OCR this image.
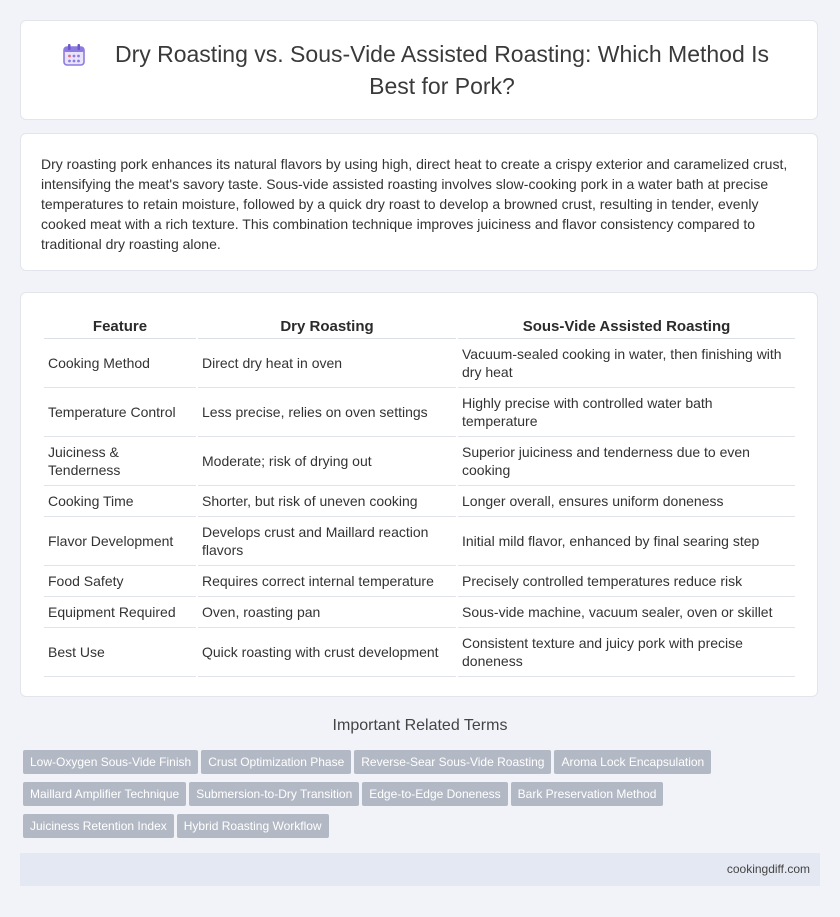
Dry Roasting vs. Sous-Vide Assisted Roasting: Which Method Is Best for Pork?

Dry roasting pork enhances its natural flavors by using high, direct heat to create a crispy exterior and caramelized crust, intensifying the meat's savory taste. Sous-vide assisted roasting involves slow-cooking pork in a water bath at precise temperatures to retain moisture, followed by a quick dry roast to develop a browned crust, resulting in tender, evenly cooked meat with a rich texture. This combination technique improves juiciness and flavor consistency compared to traditional dry roasting alone.

Feature	Dry Roasting	Sous-Vide Assisted Roasting
Cooking Method	Direct dry heat in oven	Vacuum-sealed cooking in water, then finishing with dry heat
Temperature Control	Less precise, relies on oven settings	Highly precise with controlled water bath temperature
Juiciness & Tenderness	Moderate; risk of drying out	Superior juiciness and tenderness due to even cooking
Cooking Time	Shorter, but risk of uneven cooking	Longer overall, ensures uniform doneness
Flavor Development	Develops crust and Maillard reaction flavors	Initial mild flavor, enhanced by final searing step
Food Safety	Requires correct internal temperature	Precisely controlled temperatures reduce risk
Equipment Required	Oven, roasting pan	Sous-vide machine, vacuum sealer, oven or skillet
Best Use	Quick roasting with crust development	Consistent texture and juicy pork with precise doneness
Important Related Terms
Low-Oxygen Sous-Vide Finish Crust Optimization Phase Reverse-Sear Sous-Vide Roasting Aroma Lock Encapsulation
Maillard Amplifier Technique Submersion-to-Dry Transition Edge-to-Edge Doneness Bark Preservation Method
Juiciness Retention Index Hybrid Roasting Workflow
cookingdiff.com
